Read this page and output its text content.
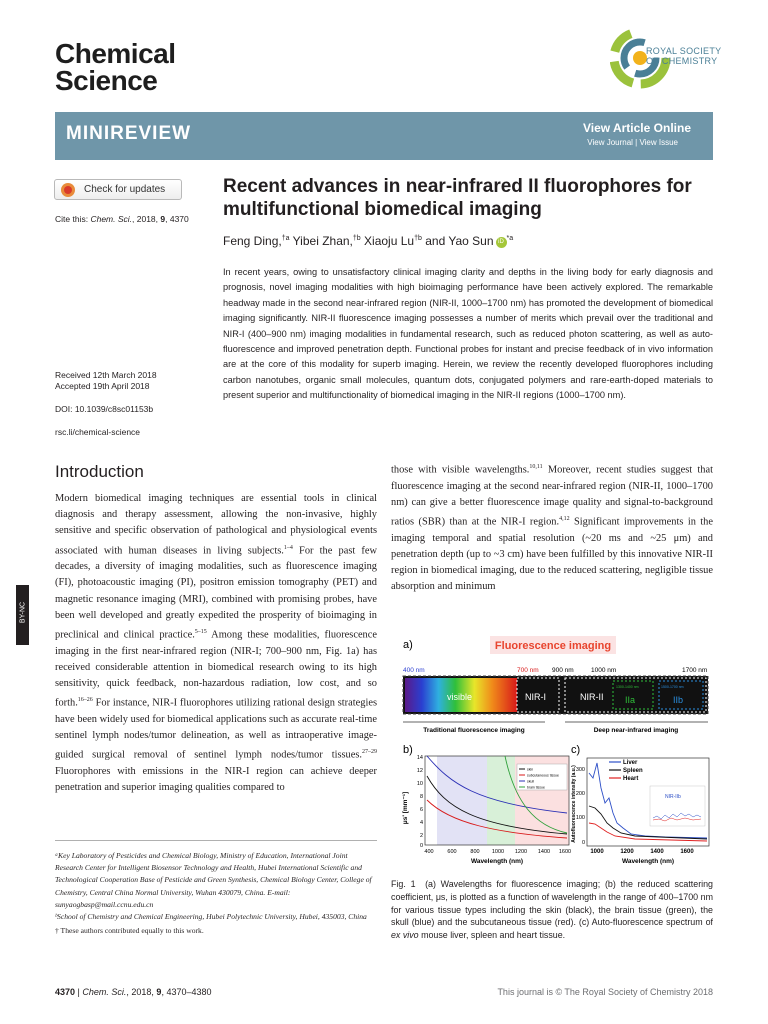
Chemical
Science
ROYAL SOCIETY
OF CHEMISTRY
MINIREVIEW	View Article Online
View Journal | View Issue
Check for updates
Cite this: Chem. Sci., 2018, 9, 4370
Received 12th March 2018
Accepted 19th April 2018
DOI: 10.1039/c8sc01153b
rsc.li/chemical-science
BY-NC
Recent advances in near-infrared II fluorophores for multifunctional biomedical imaging
Feng Ding,$^{\dagger a}$ Yibei Zhan,$^{\dagger b}$ Xiaoju Lu$^{\dagger b}$ and Yao Sun iD $^{*a}$
In recent years, owing to unsatisfactory clinical imaging clarity and depths in the living body for early diagnosis and prognosis, novel imaging modalities with high bioimaging performance have been actively explored. The remarkable headway made in the second near-infrared region (NIR-II, 1000–1700 nm) has promoted the development of biomedical imaging significantly. NIR-II fluorescence imaging possesses a number of merits which prevail over the traditional and NIR-I (400–900 nm) imaging modalities in fundamental research, such as reduced photon scattering, as well as auto-fluorescence and improved penetration depth. Functional probes for instant and precise feedback of in vivo information are at the core of this modality for superb imaging. Herein, we review the recently developed fluorophores including carbon nanotubes, organic small molecules, quantum dots, conjugated polymers and rare-earth-doped materials to present superior and multifunctionality of biomedical imaging in the NIR-II regions (1000–1700 nm).
Introduction
Modern biomedical imaging techniques are essential tools in clinical diagnosis and therapy assessment, allowing the non-invasive, highly sensitive and specific observation of pathological and physiological events associated with human diseases in living subjects.$^{1-4}$ For the past few decades, a diversity of imaging modalities, such as fluorescence imaging (FI), photoacoustic imaging (PI), positron emission tomography (PET) and magnetic resonance imaging (MRI), combined with promising probes, have been well developed and greatly expedited the prosperity of bioimaging in preclinical and clinical practice.$^{5-15}$ Among these modalities, fluorescence imaging in the first near-infrared region (NIR-I; 700–900 nm, Fig. 1a) has received considerable attention in biomedical research owing to its high sensitivity, quick feedback, non-hazardous radiation, low cost, and so forth.$^{16-26}$ For instance, NIR-I fluorophores utilizing rational design strategies have been widely used for biomedical applications such as accurate real-time sentinel lymph nodes/tumor delineation, as well as intraoperative image-guided surgical removal of sentinel lymph nodes/tumor tissues.$^{27-29}$ Fluorophores with emissions in the NIR-I region can achieve deeper penetration and superior imaging qualities compared to
those with visible wavelengths.$^{10,11}$ Moreover, recent studies suggest that fluorescence imaging at the second near-infrared region (NIR-II, 1000–1700 nm) can give a better fluorescence image quality and signal-to-background ratios (SBR) than at the NIR-I region.$^{4,12}$ Significant improvements in the imaging temporal and spatial resolution (~20 ms and ~25 μm) and penetration depth (up to ~3 cm) have been fulfilled by this innovative NIR-II region in biomedical imaging, due to the reduced scattering, negligible tissue absorption and minimum
ᵃKey Laboratory of Pesticides and Chemical Biology, Ministry of Education, International Joint Research Center for Intelligent Biosensor Technology and Health, Hubei International Scientific and Technological Cooperation Base of Pesticide and Green Synthesis, Chemical Biology Center, College of Chemistry, Central China Normal University, Wuhan 430079, China. E-mail: sunyaogbasp@mail.ccnu.edu.cn
ᵇSchool of Chemistry and Chemical Engineering, Hubei Polytechnic University, Hubei, 435003, China
† These authors contributed equally to this work.
a)	Fluorescence imaging
400 nm	700 nm 900 nm	1000 nm	1700 nm
visible	NIR-I	NIR-II
1300-1400 nm	1500-1700 nm
IIa	IIb
Traditional fluorescence imaging	Deep near-infrared imaging
b)
14
12
10
8
6
4
2
0
400	600	800 1000 1200 1400 1600
Wavelength (nm)
μs' [mm⁻¹]
skin
subcutaneous tissue
skull
brain tissue
c)
NIR-IIb
300
200
100
0
1000	1200	1400	1600
Wavelength (nm)
Autofluorescence intensity (a.u.)
Liver
Spleen
Heart
Fig. 1 (a) Wavelengths for fluorescence imaging; (b) the reduced scattering coefficient, μs, is plotted as a function of wavelength in the range of 400–1700 nm for various tissue types including the skin (black), the brain tissue (green), the skull (blue) and the subcutaneous tissue (red). (c) Auto-fluorescence spectrum of ex vivo mouse liver, spleen and heart tissue.
4370 | Chem. Sci., 2018, 9, 4370–4380	This journal is © The Royal Society of Chemistry 2018
